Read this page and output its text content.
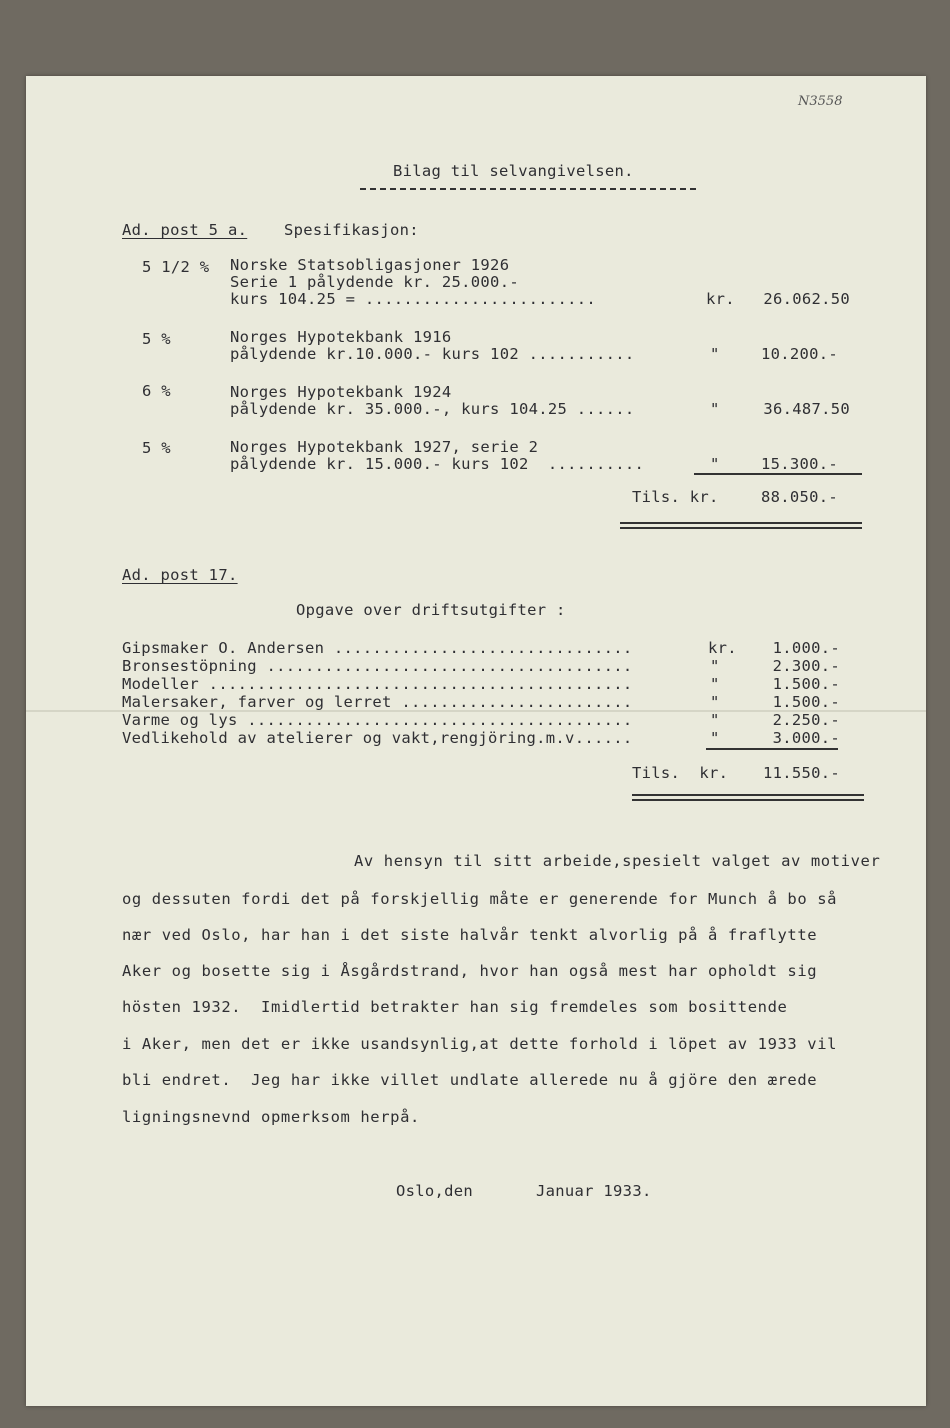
N3558
Bilag til selvangivelsen.
Ad. post 5 a. Spesifikasjon:
5 1/2 % Norske Statsobligasjoner 1926
Serie 1 pålydende kr. 25.000.-
kurs 104.25 = ........................	kr.	26.062.50
5 %	Norges Hypotekbank 1916
pålydende kr.10.000.- kurs 102 ...........	"	10.200.-
6 %	Norges Hypotekbank 1924
pålydende kr. 35.000.-, kurs 104.25 ......	"	36.487.50
5 %	Norges Hypotekbank 1927, serie 2
pålydende kr. 15.000.- kurs 102  ..........	"	15.300.-
Tils. kr.	88.050.-
Ad. post 17.
Opgave over driftsutgifter :
Gipsmaker O. Andersen ...............................	kr.	1.000.-
Bronsestöpning ......................................	"	2.300.-
Modeller ............................................	"	1.500.-
Malersaker, farver og lerret ........................	"	1.500.-
Varme og lys ........................................	"	2.250.-
Vedlikehold av atelierer og vakt,rengjöring.m.v......	"	3.000.-
Tils.  kr.	11.550.-
Av hensyn til sitt arbeide,spesielt valget av motiver
og dessuten fordi det på forskjellig måte er generende for Munch å bo så
nær ved Oslo, har han i det siste halvår tenkt alvorlig på å fraflytte
Aker og bosette sig i Åsgårdstrand, hvor han også mest har opholdt sig
hösten 1932.  Imidlertid betrakter han sig fremdeles som bosittende
i Aker, men det er ikke usandsynlig,at dette forhold i löpet av 1933 vil
bli endret.  Jeg har ikke villet undlate allerede nu å gjöre den ærede
ligningsnevnd opmerksom herpå.
Oslo,den	Januar 1933.
